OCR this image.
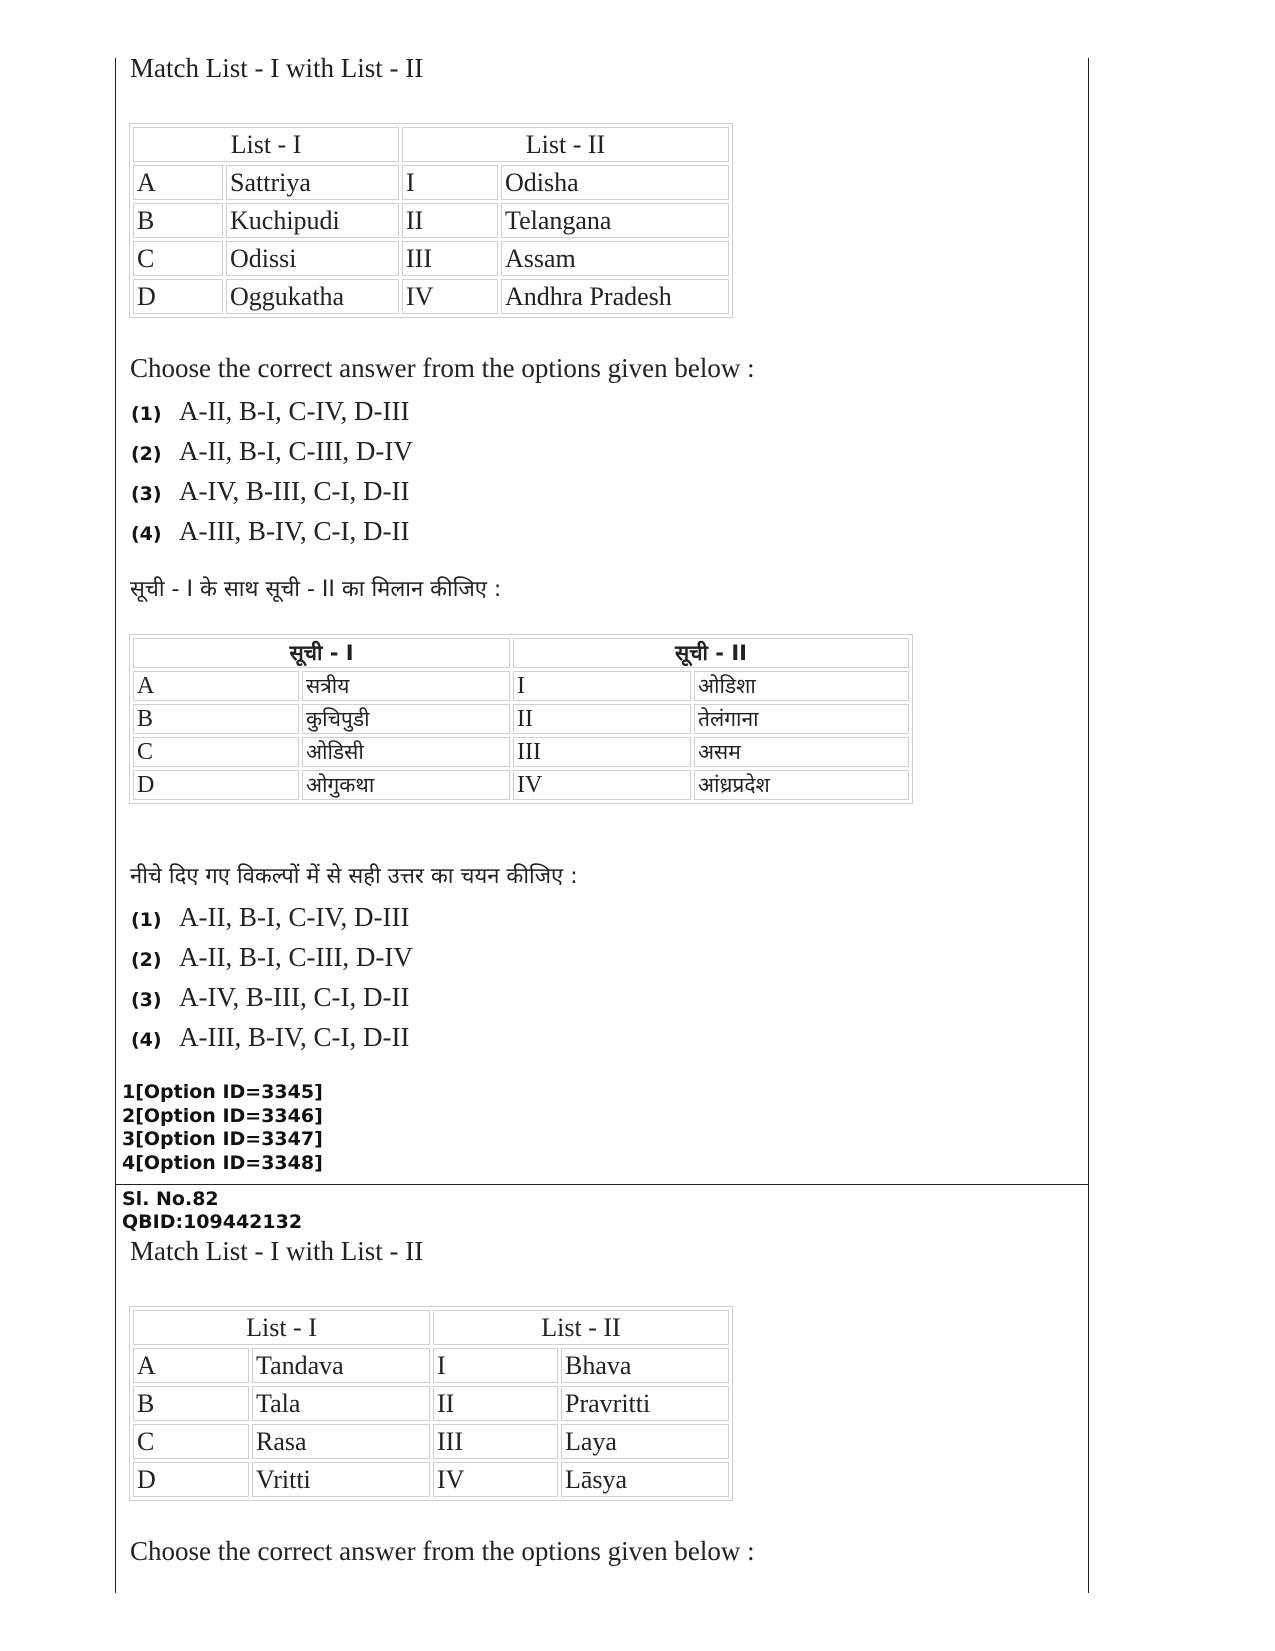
Match List - I with List - II
List - I		List - II	
A	Sattriya	I	Odisha
B	Kuchipudi	II	Telangana
C	Odissi	III	Assam
D	Oggukatha	IV	Andhra Pradesh
Choose the correct answer from the options given below :
(1) A-II, B-I, C-IV, D-III
(2) A-II, B-I, C-III, D-IV
(3) A-IV, B-III, C-I, D-II
(4) A-III, B-IV, C-I, D-II
सूची - I के साथ सूची - II का मिलान कीजिए :
सूची - I		सूची - II	
A	सत्रीय	I	ओडिशा
B	कुचिपुडी	II	तेलंगाना
C	ओडिसी	III	असम
D	ओगुकथा	IV	आंध्रप्रदेश
नीचे दिए गए विकल्पों में से सही उत्तर का चयन कीजिए :
(1) A-II, B-I, C-IV, D-III
(2) A-II, B-I, C-III, D-IV
(3) A-IV, B-III, C-I, D-II
(4) A-III, B-IV, C-I, D-II
1[Option ID=3345]
2[Option ID=3346]
3[Option ID=3347]
4[Option ID=3348]
Sl. No.82
QBID:109442132
Match List - I with List - II
List - I		List - II	
A	Tandava	I	Bhava
B	Tala	II	Pravritti
C	Rasa	III	Laya
D	Vritti	IV	Lāsya
Choose the correct answer from the options given below :
